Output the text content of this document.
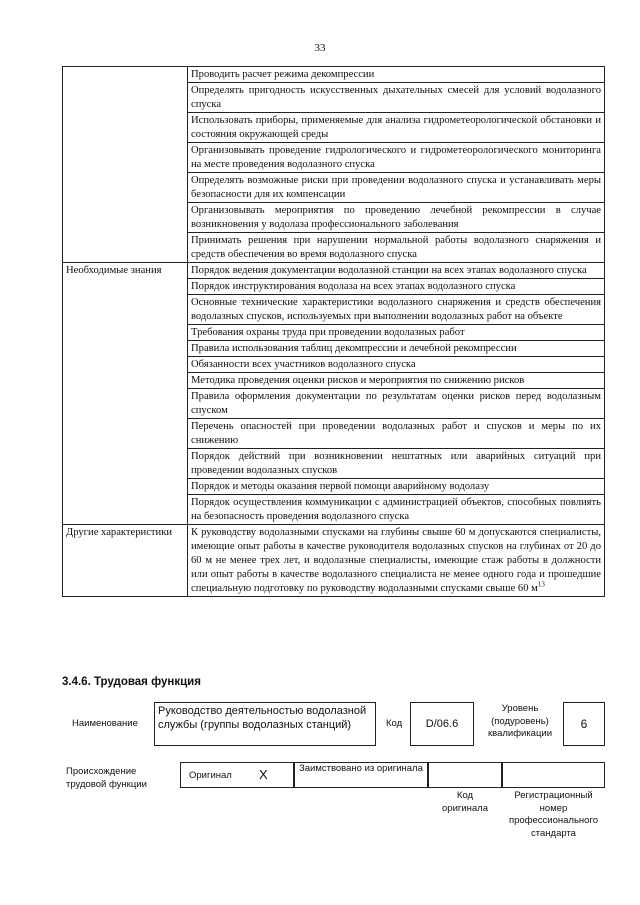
33
	Проводить расчет режима декомпрессии
	Определять пригодность искусственных дыхательных смесей для условий водолазного спуска
	Использовать приборы, применяемые для анализа гидрометеорологической обстановки и состояния окружающей среды
	Организовывать проведение гидрологического и гидрометеорологического мониторинга на месте проведения водолазного спуска
	Определять возможные риски при проведении водолазного спуска и устанавливать меры безопасности для их компенсации
	Организовывать мероприятия по проведению лечебной рекомпрессии в случае возникновения у водолаза профессионального заболевания
	Принимать решения при нарушении нормальной работы водолазного снаряжения и средств обеспечения во время водолазного спуска
Необходимые знания	Порядок ведения документации водолазной станции на всех этапах водолазного спуска
	Порядок инструктирования водолаза на всех этапах водолазного спуска
	Основные технические характеристики водолазного снаряжения и средств обеспечения водолазных спусков, используемых при выполнении водолазных работ на объекте
	Требования охраны труда при проведении водолазных работ
	Правила использования таблиц декомпрессии и лечебной рекомпрессии
	Обязанности всех участников водолазного спуска
	Методика проведения оценки рисков и мероприятия по снижению рисков
	Правила оформления документации по результатам оценки рисков перед водолазным спуском
	Перечень опасностей при проведении водолазных работ и спусков и меры по их снижению
	Порядок действий при возникновении нештатных или аварийных ситуаций при проведении водолазных спусков
	Порядок и методы оказания первой помощи аварийному водолазу
	Порядок осуществления коммуникации с администрацией объектов, способных повлиять на безопасность проведения водолазного спуска
Другие характеристики	К руководству водолазными спусками на глубины свыше 60 м допускаются специалисты, имеющие опыт работы в качестве руководителя водолазных спусков на глубинах от 20 до 60 м не менее трех лет, и водолазные специалисты, имеющие стаж работы в должности или опыт работы в качестве водолазного специалиста не менее одного года и прошедшие специальную подготовку по руководству водолазными спусками свыше 60 $м^{13}$
3.4.6. Трудовая функция
Наименование
Руководство деятельностью водолазной службы (группы водолазных станций)	Код	D/06.6
Уровень (подуровень) квалификации
6
Происхождение трудовой функции
Оригинал X	Заимствовано из оригинала
Код оригинала
Регистрационный номер профессионального стандарта
